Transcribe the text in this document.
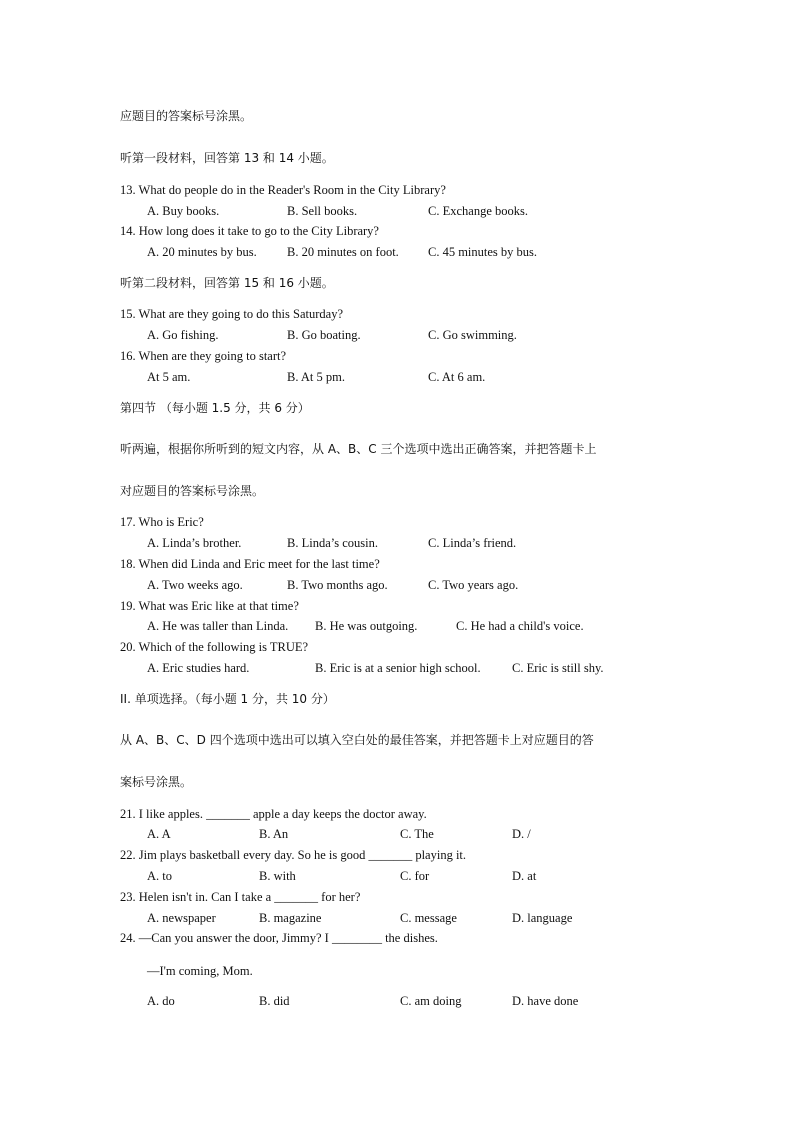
应题目的答案标号涂黑。
听第一段材料，回答第 13 和 14 小题。
13. What do people do in the Reader's Room in the City Library?
A. Buy books.	B. Sell books.	C. Exchange books.
14. How long does it take to go to the City Library?
A. 20 minutes by bus. B. 20 minutes on foot. C. 45 minutes by bus.
听第二段材料，回答第 15 和 16 小题。
15. What are they going to do this Saturday?
A. Go fishing.	B. Go boating.	C. Go swimming.
16. When are they going to start?
At 5 am.	B. At 5 pm.	C. At 6 am.
第四节 （每小题 1.5 分，共 6 分）
听两遍，根据你所听到的短文内容，从 A、B、C 三个选项中选出正确答案，并把答题卡上
对应题目的答案标号涂黑。
17. Who is Eric?
A. Linda’s brother.	B. Linda’s cousin.	C. Linda’s friend.
18. When did Linda and Eric meet for the last time?
A. Two weeks ago.	B. Two months ago.	C. Two years ago.
19. What was Eric like at that time?
A. He was taller than Linda. B. He was outgoing.	C. He had a child's voice.
20. Which of the following is TRUE?
A. Eric studies hard.	B. Eric is at a senior high school.	C. Eric is still shy.
II. 单项选择。（每小题 1 分，共 10 分）
从 A、B、C、D 四个选项中选出可以填入空白处的最佳答案，并把答题卡上对应题目的答
案标号涂黑。
21. I like apples. _______ apple a day keeps the doctor away.
A. A	B. An	C. The	D. /
22. Jim plays basketball every day. So he is good _______ playing it.
A. to	B. with	C. for	D. at
23. Helen isn't in. Can I take a _______ for her?
A. newspaper	B. magazine	C. message	D. language
24. —Can you answer the door, Jimmy? I ________ the dishes.
—I'm coming, Mom.
A. do	B. did	C. am doing	D. have done
